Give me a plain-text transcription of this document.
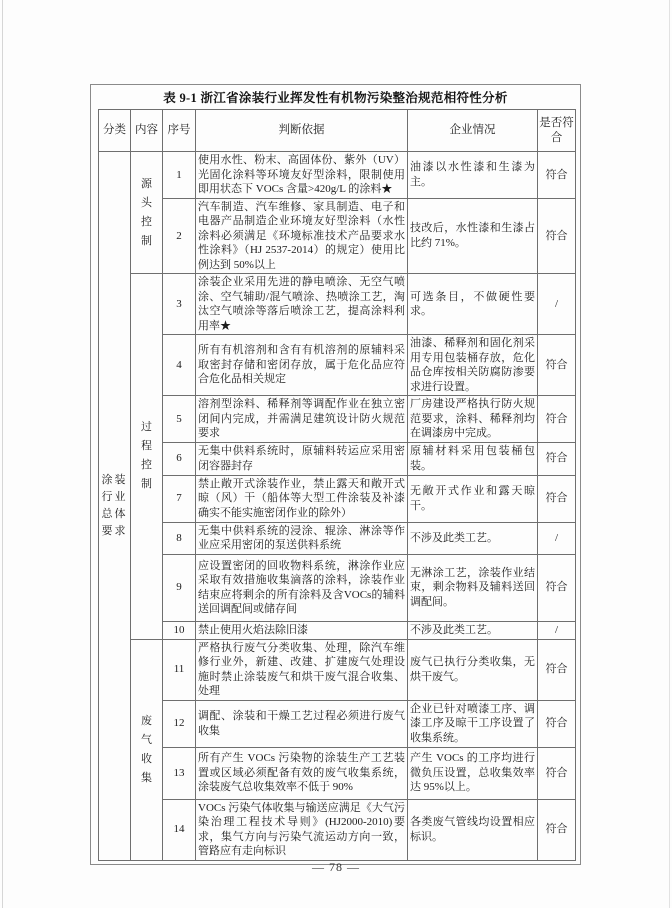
表 9-1 浙江省涂装行业挥发性有机物污染整治规范相符性分析
分类	内容	序号	判断依据	企业情况	是否符合

涂装行业总体要求	源头控制	1	使用水性、粉末、高固体份、紫外（UV）光固化涂料等环境友好型涂料，限制使用即用状态下 VOCs 含量>420g/L 的涂料★	油漆以水性漆和生漆为主。	符合
		2	汽车制造、汽车维修、家具制造、电子和电器产品制造企业环境友好型涂料（水性涂料必须满足《环境标准技术产品要求水性涂料》（HJ 2537-2014）的规定）使用比例达到 50%以上	技改后，水性漆和生漆占比约 71%。	符合

	过程控制	3	涂装企业采用先进的静电喷涂、无空气喷涂、空气辅助/混气喷涂、热喷涂工艺，淘汰空气喷涂等落后喷涂工艺，提高涂料利用率★	可选条目，不做硬性要求。	/
		4	所有有机溶剂和含有有机溶剂的原辅料采取密封存储和密闭存放，属于危化品应符合危化品相关规定	油漆、稀释剂和固化剂采用专用包装桶存放，危化品仓库按相关防腐防渗要求进行设置。	符合
		5	溶剂型涂料、稀释剂等调配作业在独立密闭间内完成，并需满足建筑设计防火规范要求	厂房建设严格执行防火规范要求，涂料、稀释剂均在调漆房中完成。	符合
		6	无集中供料系统时，原辅料转运应采用密闭容器封存	原辅材料采用包装桶包装。	符合
		7	禁止敞开式涂装作业，禁止露天和敞开式晾（风）干（船体等大型工件涂装及补漆确实不能实施密闭作业的除外）	无敞开式作业和露天晾干。	符合
		8	无集中供料系统的浸涂、辊涂、淋涂等作业应采用密闭的泵送供料系统	不涉及此类工艺。	/
		9	应设置密闭的回收物料系统，淋涂作业应采取有效措施收集滴落的涂料，涂装作业结束应将剩余的所有涂料及含VOCs的辅料送回调配间或储存间	无淋涂工艺，涂装作业结束，剩余物料及辅料送回调配间。	符合
		10	禁止使用火焰法除旧漆	不涉及此类工艺。	/

	废气收集	11	严格执行废气分类收集、处理，除汽车维修行业外，新建、改建、扩建废气处理设施时禁止涂装废气和烘干废气混合收集、处理	废气已执行分类收集，无烘干废气。	符合
		12	调配、涂装和干燥工艺过程必须进行废气收集	企业已针对喷漆工序、调漆工序及晾干工序设置了收集系统。	符合
		13	所有产生 VOCs 污染物的涂装生产工艺装置或区域必须配备有效的废气收集系统，涂装废气总收集效率不低于 90%	产生 VOCs 的工序均进行微负压设置，总收集效率达 95%以上。	符合
		14	VOCs 污染气体收集与输送应满足《大气污染治理工程技术导则》(HJ2000-2010)要求，集气方向与污染气流运动方向一致，管路应有走向标识	各类废气管线均设置相应标识。	符合
— 78 —
